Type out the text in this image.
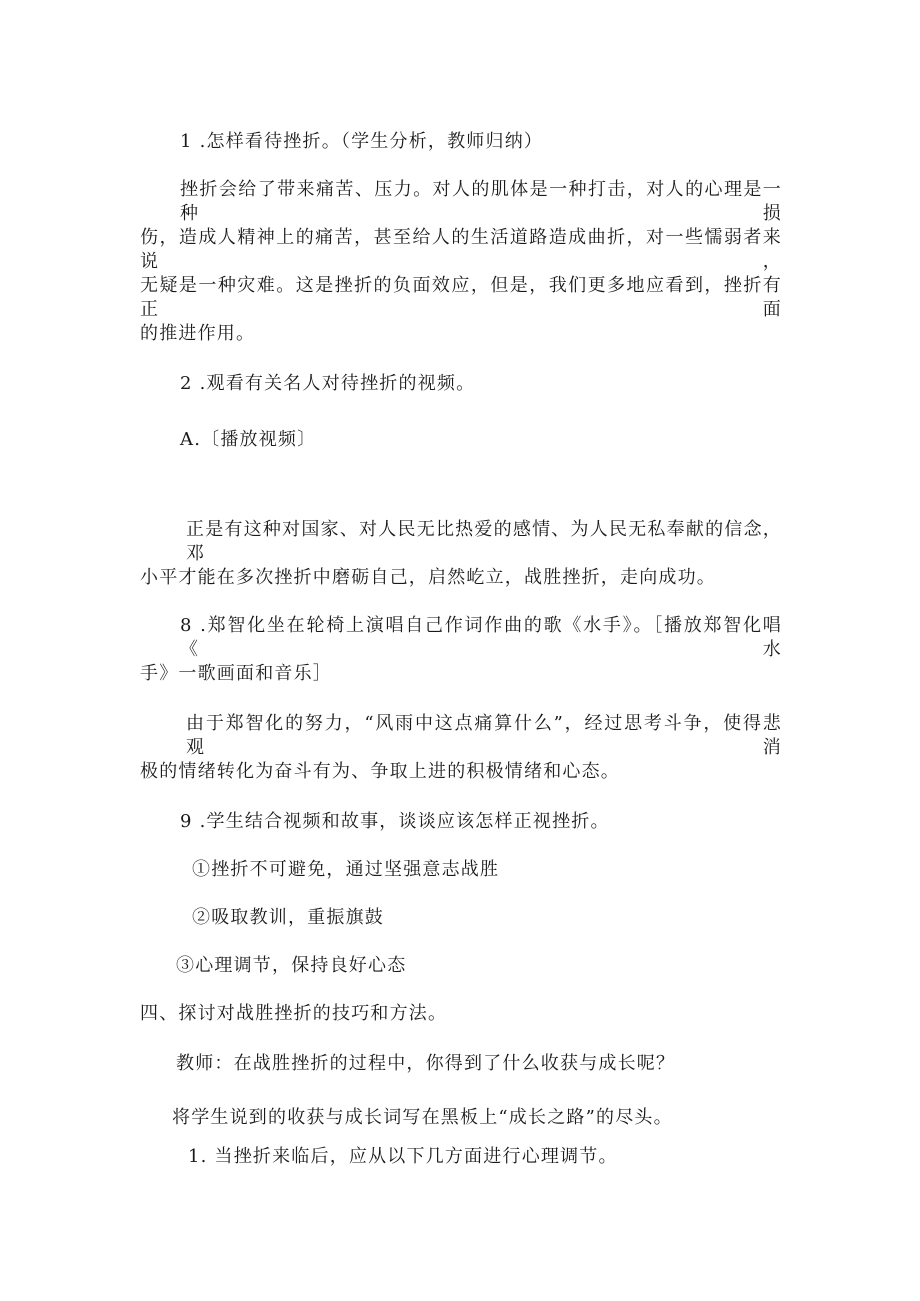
1 .怎样看待挫折。（学生分析，教师归纳）

挫折会给了带来痛苦、压力。对人的肌体是一种打击，对人的心理是一种损

伤，造成人精神上的痛苦，甚至给人的生活道路造成曲折，对一些懦弱者来说，

无疑是一种灾难。这是挫折的负面效应，但是，我们更多地应看到，挫折有正面

的推进作用。

2 .观看有关名人对待挫折的视频。

A.〔播放视频〕

正是有这种对国家、对人民无比热爱的感情、为人民无私奉献的信念，邓

小平才能在多次挫折中磨砺自己，启然屹立，战胜挫折，走向成功。

8 .郑智化坐在轮椅上演唱自己作词作曲的歌《水手》。［播放郑智化唱《水

手》一歌画面和音乐］

由于郑智化的努力，“风雨中这点痛算什么”，经过思考斗争，使得悲观消

极的情绪转化为奋斗有为、争取上进的积极情绪和心态。

9 .学生结合视频和故事，谈谈应该怎样正视挫折。

①挫折不可避免，通过坚强意志战胜

②吸取教训，重振旗鼓

③心理调节，保持良好心态

四、探讨对战胜挫折的技巧和方法。

教师：在战胜挫折的过程中，你得到了什么收获与成长呢？

将学生说到的收获与成长词写在黑板上“成长之路”的尽头。

1. 当挫折来临后，应从以下几方面进行心理调节。
